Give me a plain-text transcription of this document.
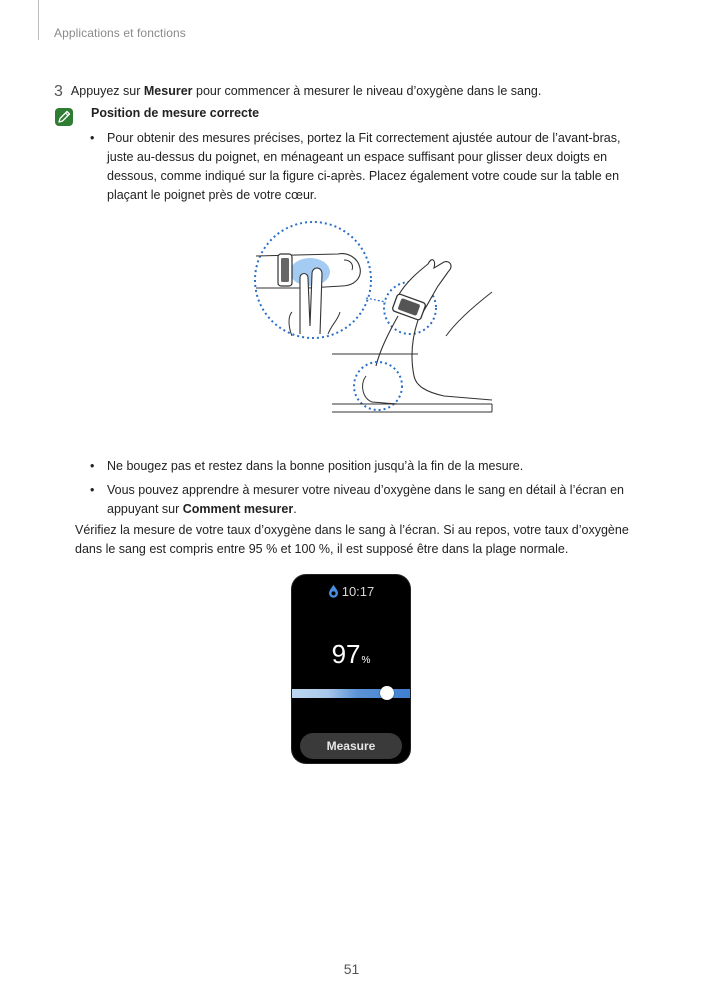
Applications et fonctions
3 Appuyez sur Mesurer pour commencer à mesurer le niveau d’oxygène dans le sang.
Position de mesure correcte
• Pour obtenir des mesures précises, portez la Fit correctement ajustée autour de l’avant-bras, juste au-dessus du poignet, en ménageant un espace suffisant pour glisser deux doigts en dessous, comme indiqué sur la figure ci-après. Placez également votre coude sur la table en plaçant le poignet près de votre cœur.
• Ne bougez pas et restez dans la bonne position jusqu’à la fin de la mesure.
• Vous pouvez apprendre à mesurer votre niveau d’oxygène dans le sang en détail à l’écran en appuyant sur Comment mesurer.
Vérifiez la mesure de votre taux d’oxygène dans le sang à l’écran. Si au repos, votre taux d’oxygène dans le sang est compris entre 95 % et 100 %, il est supposé être dans la plage normale.
10:17
97%
Measure
51
